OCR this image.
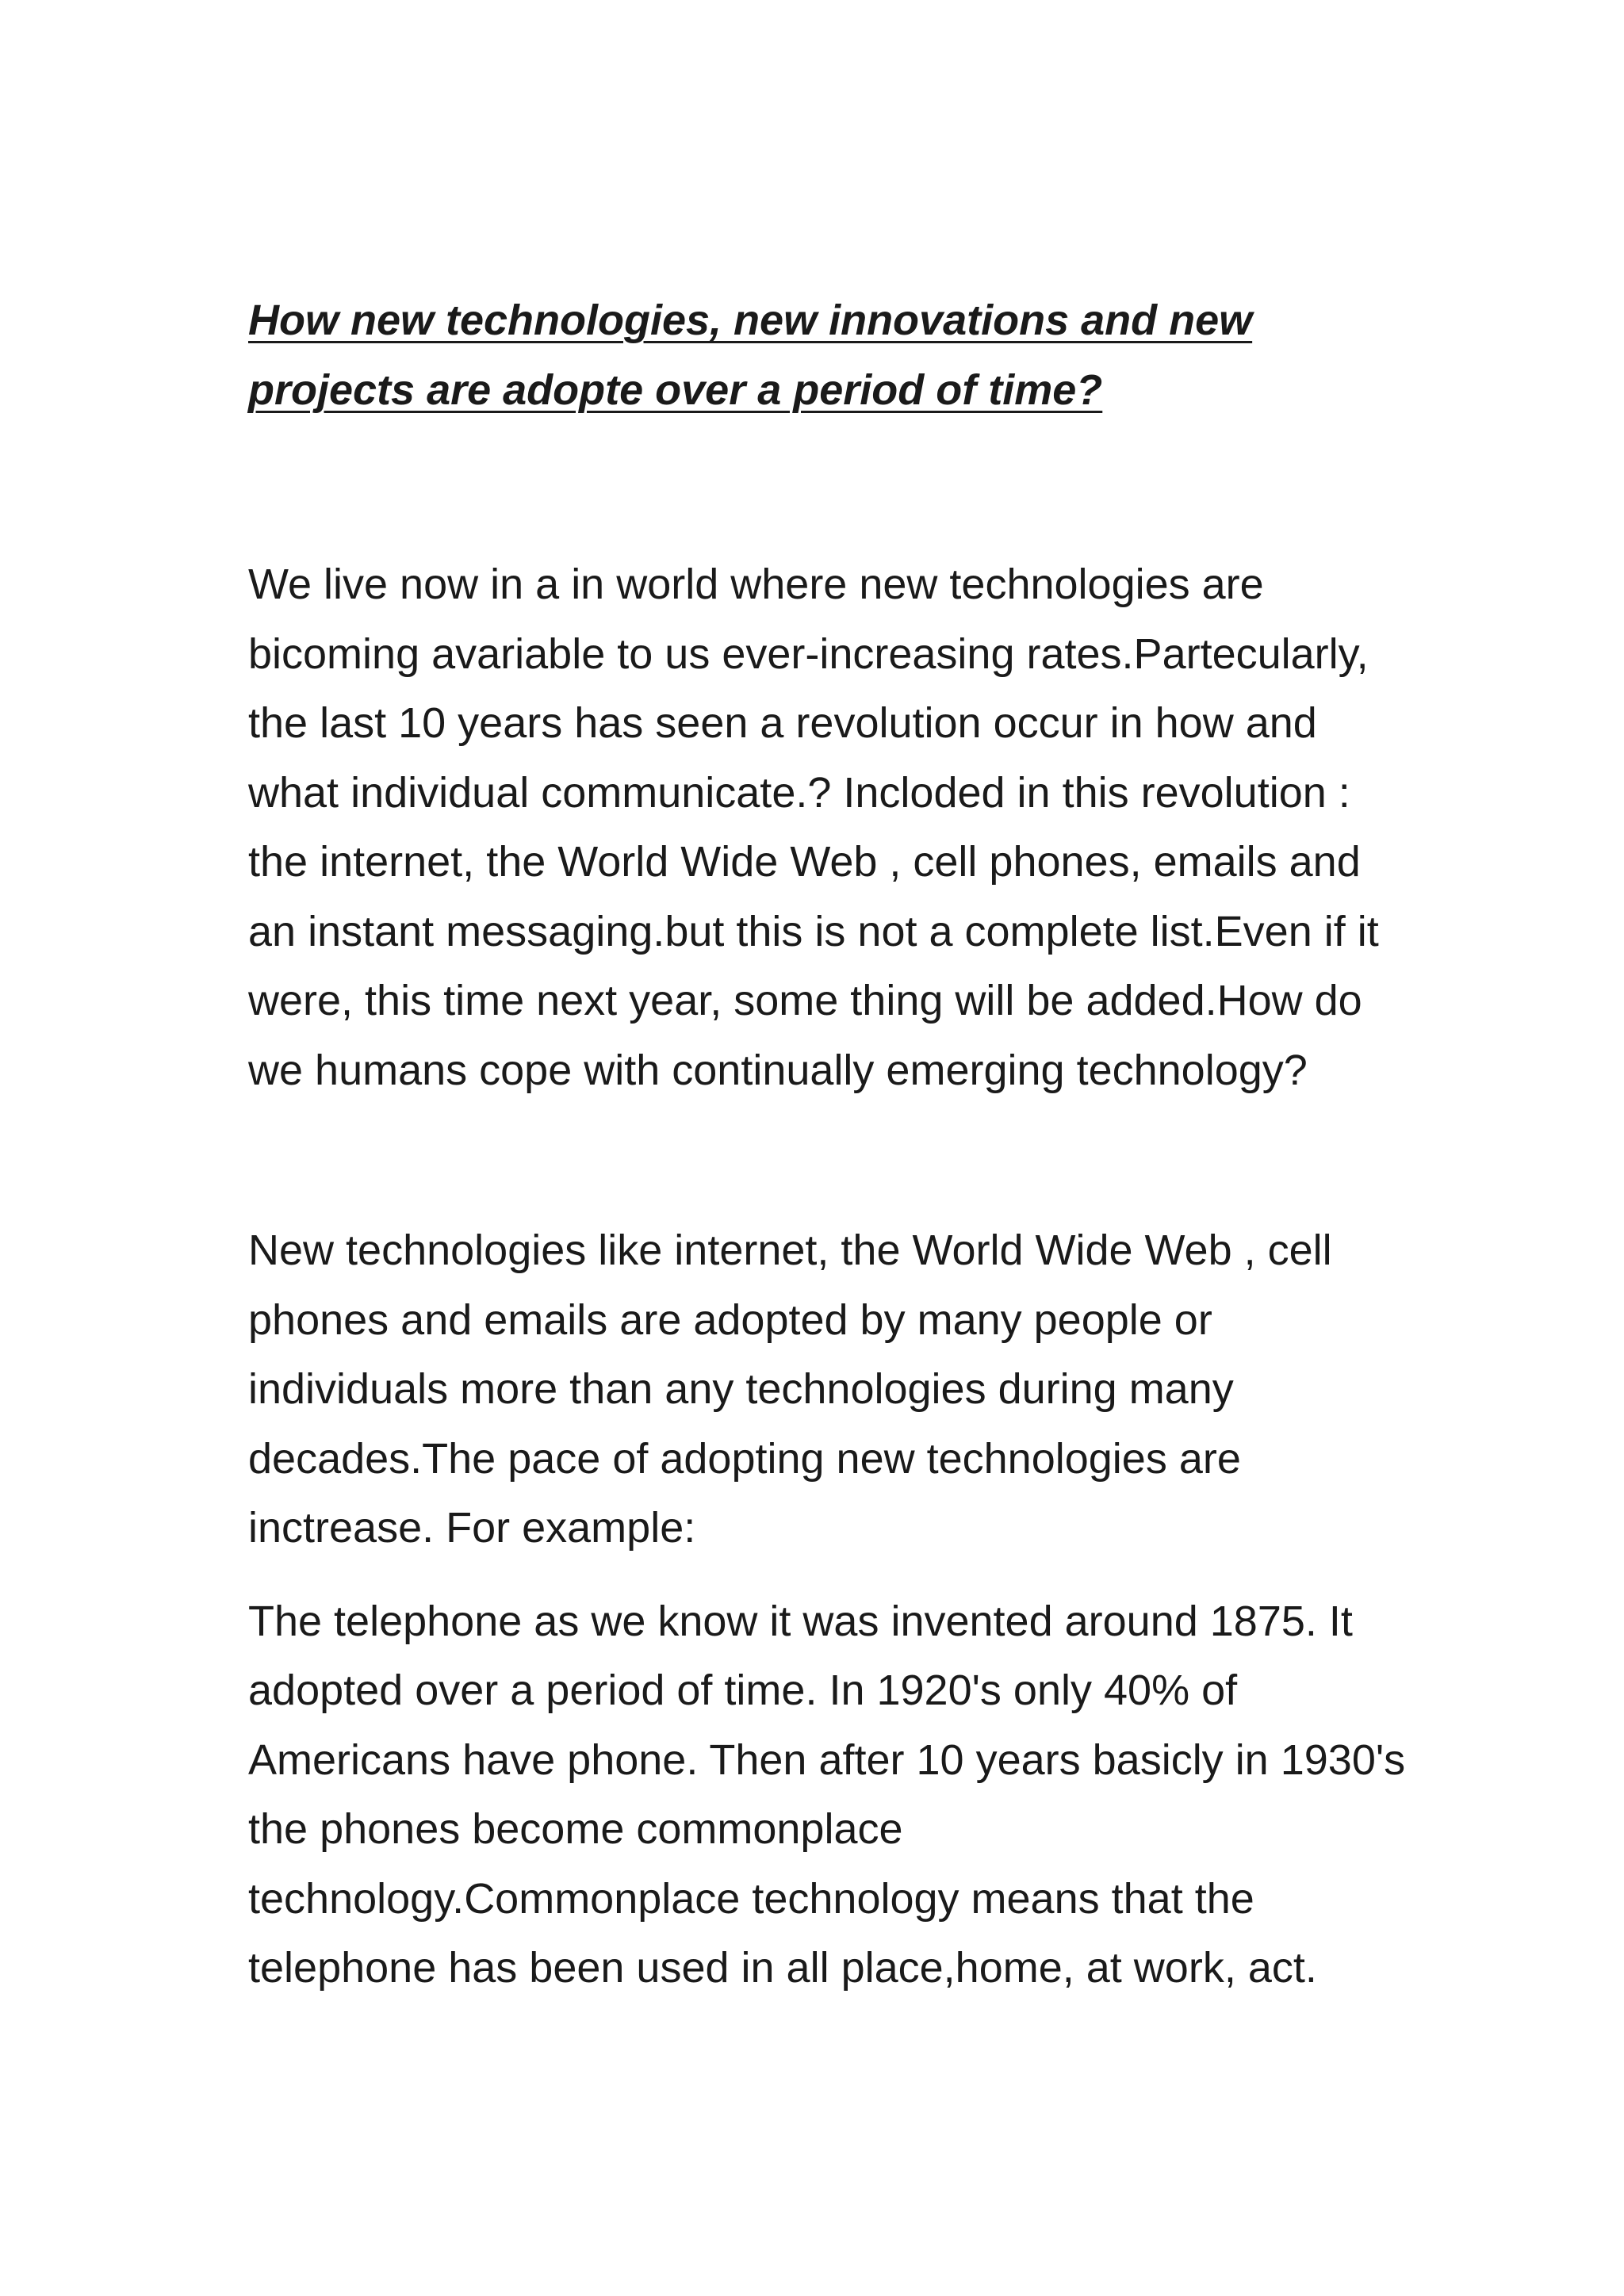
How new technologies, new innovations and new projects are adopte over a period of time?

We live now in a in world where new technologies are bicoming avariable to us ever-increasing rates.Partecularly, the last 10 years has seen a revolution occur in how and what individual communicate.? Incloded in this revolution : the internet, the World Wide Web , cell phones, emails and an instant messaging.but this is not a complete list.Even if it were, this time next year, some thing will be added.How do we humans cope with continually emerging technology?

New technologies like internet, the World Wide Web , cell phones and emails are adopted by many people or individuals more than any technologies during many decades.The pace of adopting new technologies are inctrease. For example:

The telephone as we know it was invented around 1875. It adopted over a period of time. In 1920's only 40% of Americans have phone. Then after 10 years basicly in 1930's the phones become commonplace technology.Commonplace technology means that the telephone has been used in all place,home, at work, act.
